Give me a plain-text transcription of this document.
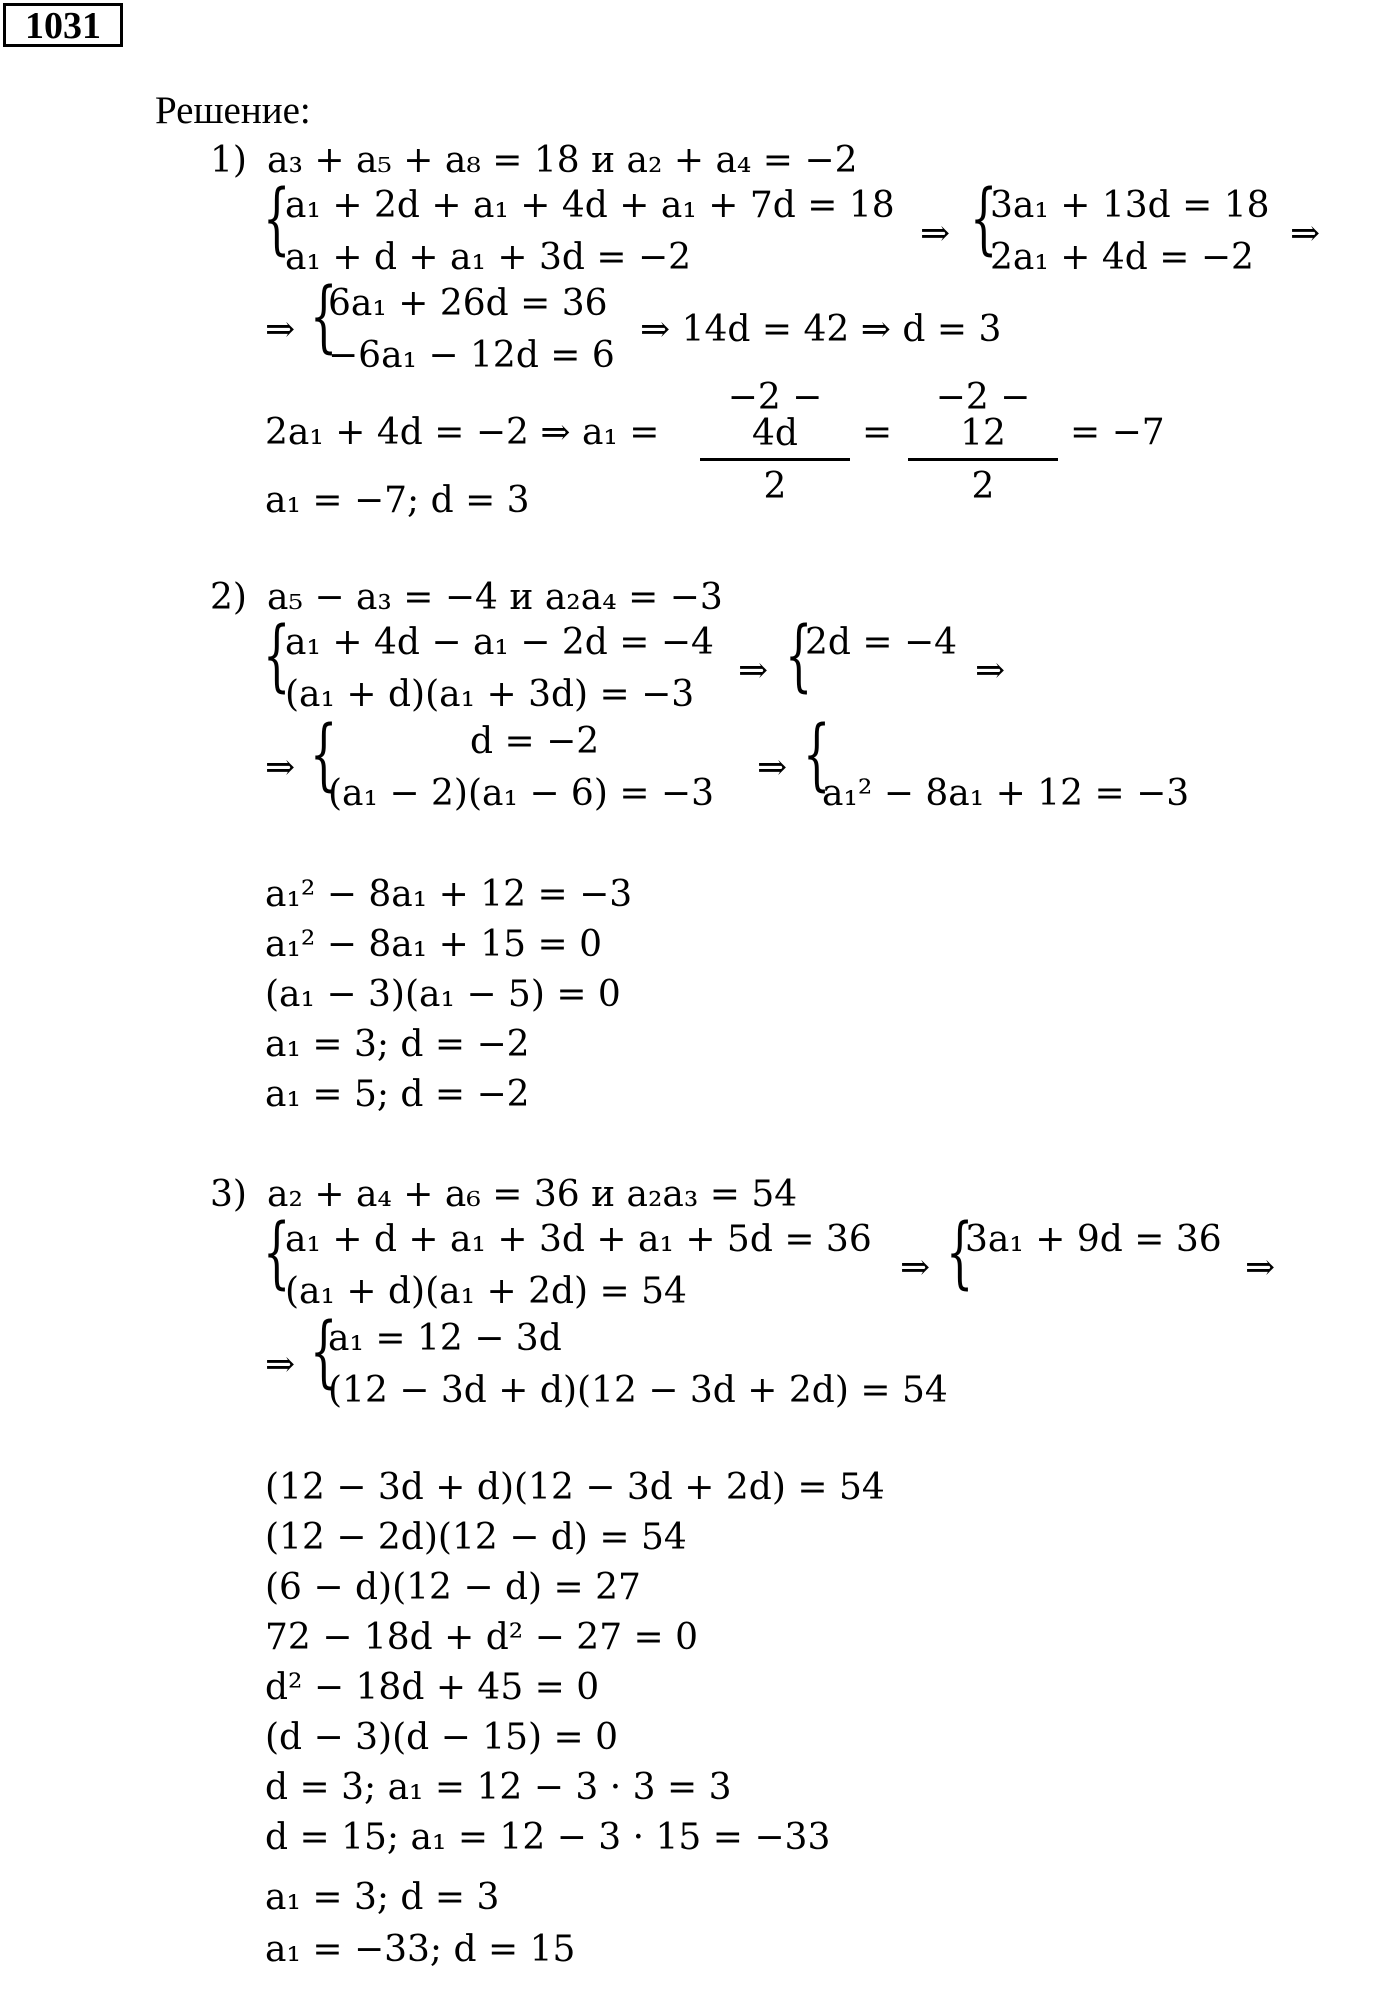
1031
Решение:
1) a₃ + a₅ + a₈ = 18 и a₂ + a₄ = −2
{
a₁ + 2d + a₁ + 4d + a₁ + 7d = 18
a₁ + d + a₁ + 3d = −2
⇒ {
3a₁ + 13d = 18
2a₁ + 4d = −2
⇒
⇒ {
6a₁ + 26d = 36
−6a₁ − 12d = 6
⇒ 14d = 42 ⇒ d = 3
2a₁ + 4d = −2 ⇒ a₁ =
−2 − 4d
2
=
−2 − 12
2
= −7
a₁ = −7; d = 3
2) a₅ − a₃ = −4 и a₂a₄ = −3
{
a₁ + 4d − a₁ − 2d = −4
(a₁ + d)(a₁ + 3d) = −3
⇒ {
2d = −4
⇒
⇒ {	d = −2
(a₁ − 2)(a₁ − 6) = −3
⇒ {
a₁² − 8a₁ + 12 = −3
a₁² − 8a₁ + 12 = −3
a₁² − 8a₁ + 15 = 0
(a₁ − 3)(a₁ − 5) = 0
a₁ = 3; d = −2
a₁ = 5; d = −2
3) a₂ + a₄ + a₆ = 36 и a₂a₃ = 54
{
a₁ + d + a₁ + 3d + a₁ + 5d = 36
(a₁ + d)(a₁ + 2d) = 54
⇒ {
3a₁ + 9d = 36
⇒
⇒ {
a₁ = 12 − 3d
(12 − 3d + d)(12 − 3d + 2d) = 54
(12 − 3d + d)(12 − 3d + 2d) = 54
(12 − 2d)(12 − d) = 54
(6 − d)(12 − d) = 27
72 − 18d + d² − 27 = 0
d² − 18d + 45 = 0
(d − 3)(d − 15) = 0
d = 3; a₁ = 12 − 3 · 3 = 3
d = 15; a₁ = 12 − 3 · 15 = −33
a₁ = 3; d = 3
a₁ = −33; d = 15
